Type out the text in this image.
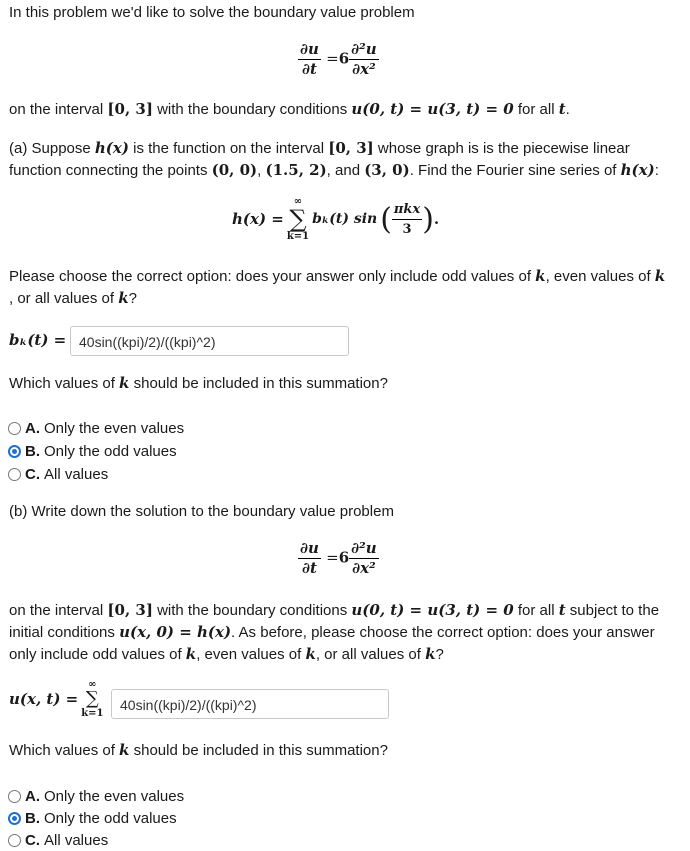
In this problem we'd like to solve the boundary value problem
$\frac{\partial u}{\partial t} =6 \frac{\text{∂²u}}{\text{∂x²}}$
on the interval [0, 3] with the boundary conditions u(0, t) = u(3, t) = 0 for all t.
(a) Suppose h(x) is the function on the interval [0, 3] whose graph is is the piecewise linear
function connecting the points (0, 0), (1.5, 2), and (3, 0). Find the Fourier sine series of h(x):
h(x) =
∞
∑
k=1
bₖ(t) sin ( $\frac{\text{πkx}}{3}$ ) .
Please choose the correct option: does your answer only include odd values of k, even values of k
, or all values of k?
bₖ(t) = 40sin((kpi)/2)/((kpi)^2)
Which values of k should be included in this summation?
A. Only the even values
B. Only the odd values
C. All values
(b) Write down the solution to the boundary value problem
$\frac{\partial u}{\partial t} =6 \frac{\text{∂²u}}{\text{∂x²}}$
on the interval [0, 3] with the boundary conditions u(0, t) = u(3, t) = 0 for all t subject to the
initial conditions u(x, 0) = h(x). As before, please choose the correct option: does your answer
only include odd values of k, even values of k, or all values of k?
u(x, t) =
∞
∑
k=1
40sin((kpi)/2)/((kpi)^2)
Which values of k should be included in this summation?
A. Only the even values
B. Only the odd values
C. All values
